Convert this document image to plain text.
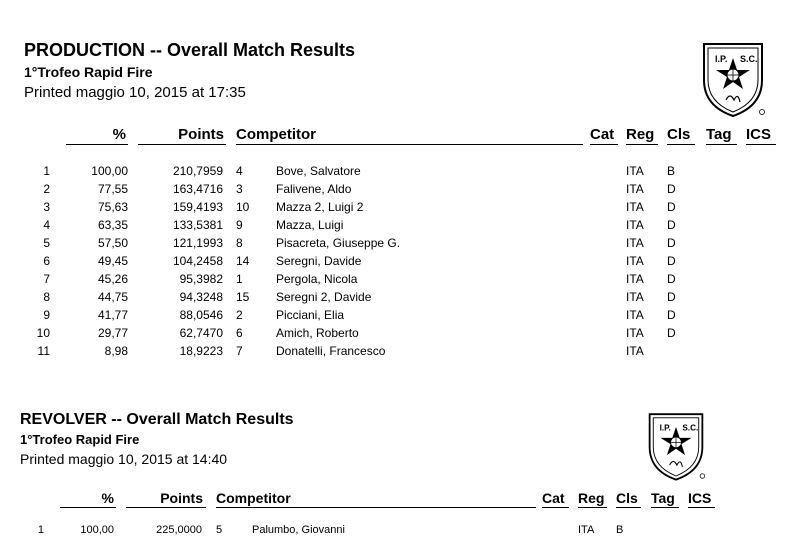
PRODUCTION -- Overall Match Results
1°Trofeo Rapid Fire
Printed maggio 10, 2015 at 17:35
I.P. S.C.
%	Points Competitor	Cat Reg Cls Tag ICS
1	100,00	210,7959 4	Bove, Salvatore	ITA B
2	77,55	163,4716 3	Falivene, Aldo	ITA D
3	75,63	159,4193 10 Mazza 2, Luigi 2	ITA D
4	63,35	133,5381 9	Mazza, Luigi	ITA D
5	57,50	121,1993 8	Pisacreta, Giuseppe G.	ITA D
6	49,45	104,2458 14 Seregni, Davide	ITA D
7	45,26	95,3982 1	Pergola, Nicola	ITA D
8	44,75	94,3248 15 Seregni 2, Davide	ITA D
9	41,77	88,0546 2	Picciani, Elia	ITA D
10	29,77	62,7470 6	Amich, Roberto	ITA D
11	8,98	18,9223 7	Donatelli, Francesco	ITA
REVOLVER -- Overall Match Results
1°Trofeo Rapid Fire
Printed maggio 10, 2015 at 14:40
I.P. S.C.
%	Points Competitor	Cat Reg Cls Tag ICS
1	100,00	225,0000 5	Palumbo, Giovanni	ITA B
